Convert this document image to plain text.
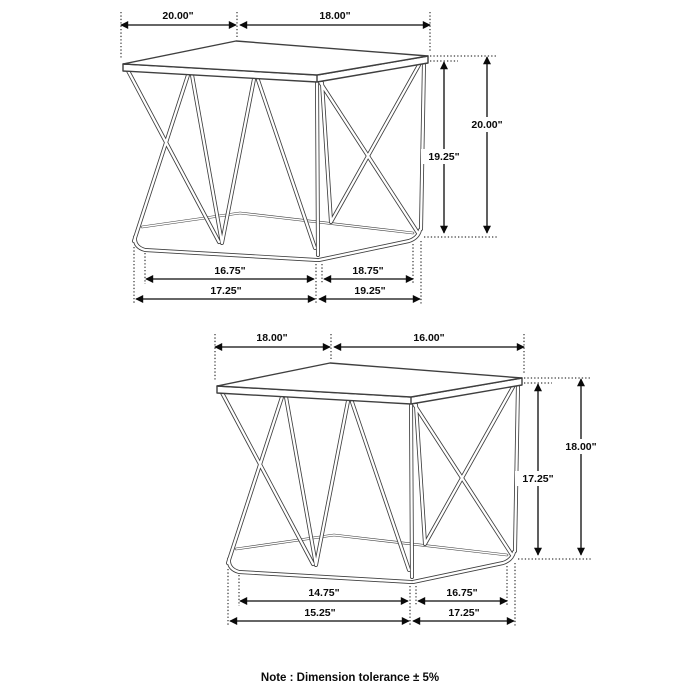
20.00"	18.00"
20.00"
19.25"
16.75"	18.75"
17.25"	19.25"
18.00"	16.00"
18.00"
17.25"
14.75"	16.75"
15.25"	17.25"
Note : Dimension tolerance ± 5%
